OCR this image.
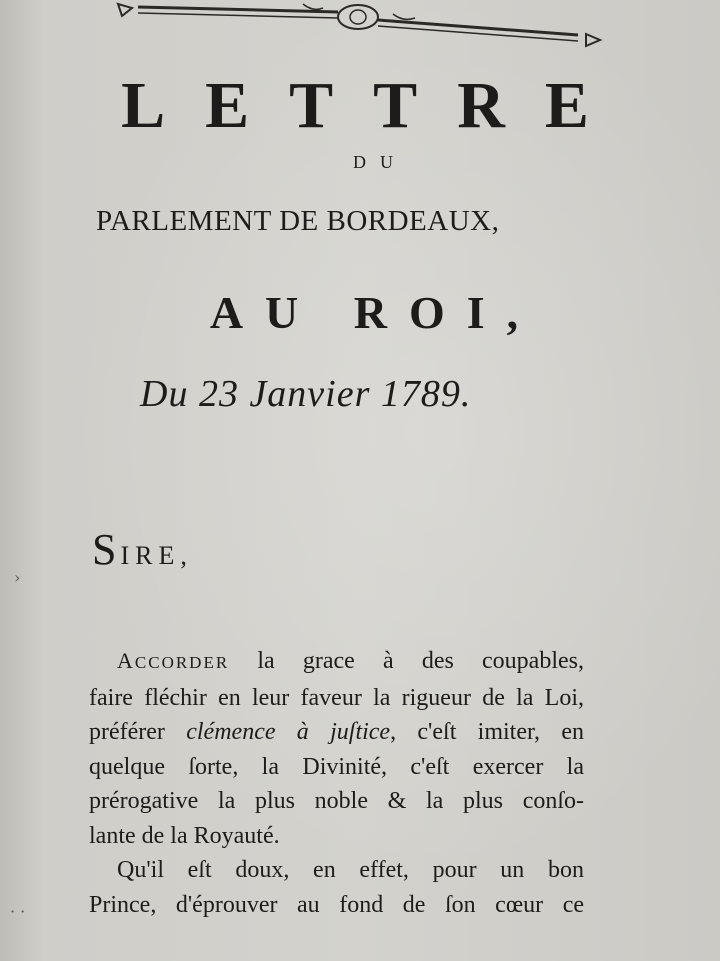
LETTRE
DU
PARLEMENT DE BORDEAUX,
AU ROI,
Du 23 Janvier 1789.
SIRE,
ACCORDER la grace à des coupables,
faire fléchir en leur faveur la rigueur de la Loi,
préférer clémence à juſtice, c'eſt imiter, en
quelque ſorte, la Divinité, c'eſt exercer la
prérogative la plus noble & la plus conſo-
lante de la Royauté.
Qu'il eſt doux, en effet, pour un bon
Prince, d'éprouver au fond de ſon cœur ce
›
· ·
